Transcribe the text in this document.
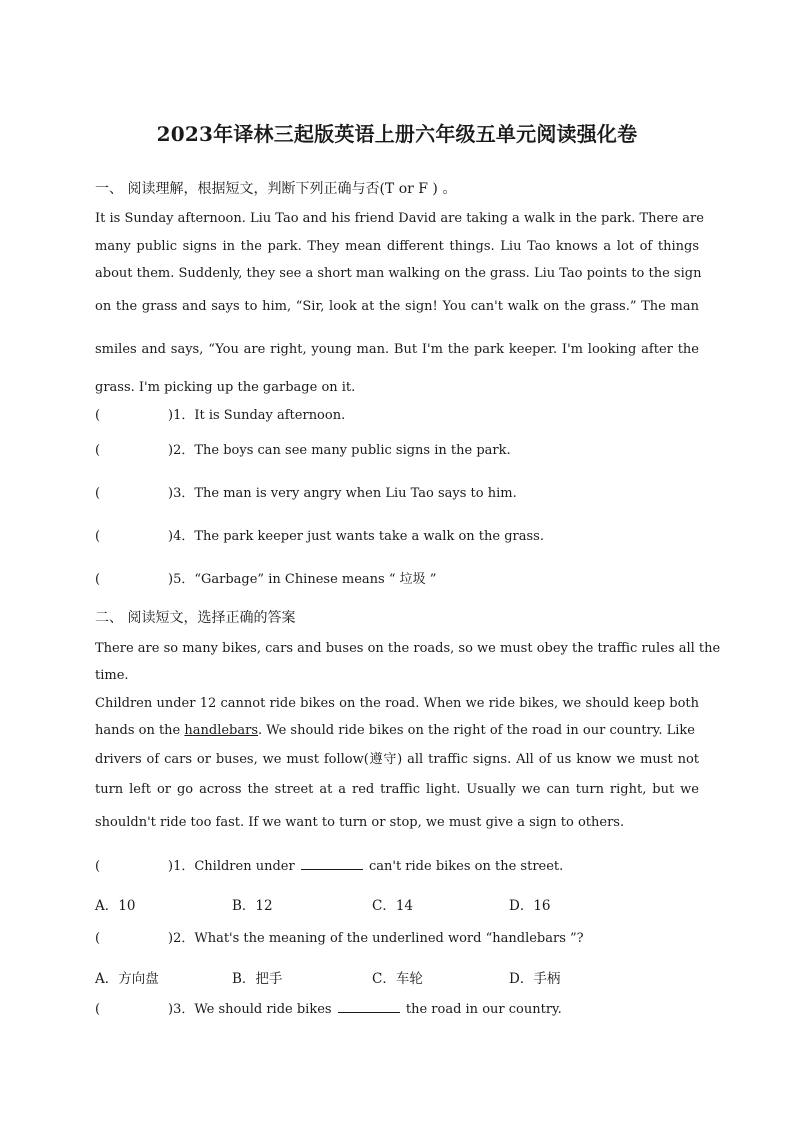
2023年译林三起版英语上册六年级五单元阅读强化卷
一、 阅读理解，根据短文，判断下列正确与否(T or F ) 。
It is Sunday afternoon. Liu Tao and his friend David are taking a walk in the park. There are
many public signs in the park. They mean different things. Liu Tao knows a lot of things
about them. Suddenly, they see a short man walking on the grass. Liu Tao points to the sign
on the grass and says to him, “Sir, look at the sign! You can't walk on the grass.” The man
smiles and says, “You are right, young man. But I'm the park keeper. I'm looking after the
grass. I'm picking up the garbage on it.
(	)1．It is Sunday afternoon.
(	)2．The boys can see many public signs in the park.
(	)3．The man is very angry when Liu Tao says to him.
(	)4．The park keeper just wants take a walk on the grass.
(	)5．“Garbage” in Chinese means “ 垃圾 ”
二、 阅读短文，选择正确的答案
There are so many bikes, cars and buses on the roads, so we must obey the traffic rules all the
time.
Children under 12 cannot ride bikes on the road. When we ride bikes, we should keep both
hands on the handlebars. We should ride bikes on the right of the road in our country. Like
drivers of cars or buses, we must follow(遵守) all traffic signs. All of us know we must not
turn left or go across the street at a red traffic light. Usually we can turn right, but we
shouldn't ride too fast. If we want to turn or stop, we must give a sign to others.
(	)1．Children under	can't ride bikes on the street.
A．10	B．12	C．14	D．16
(	)2．What's the meaning of the underlined word “handlebars ”?
A．方向盘	B．把手	C．车轮	D．手柄
(	)3．We should ride bikes	the road in our country.
